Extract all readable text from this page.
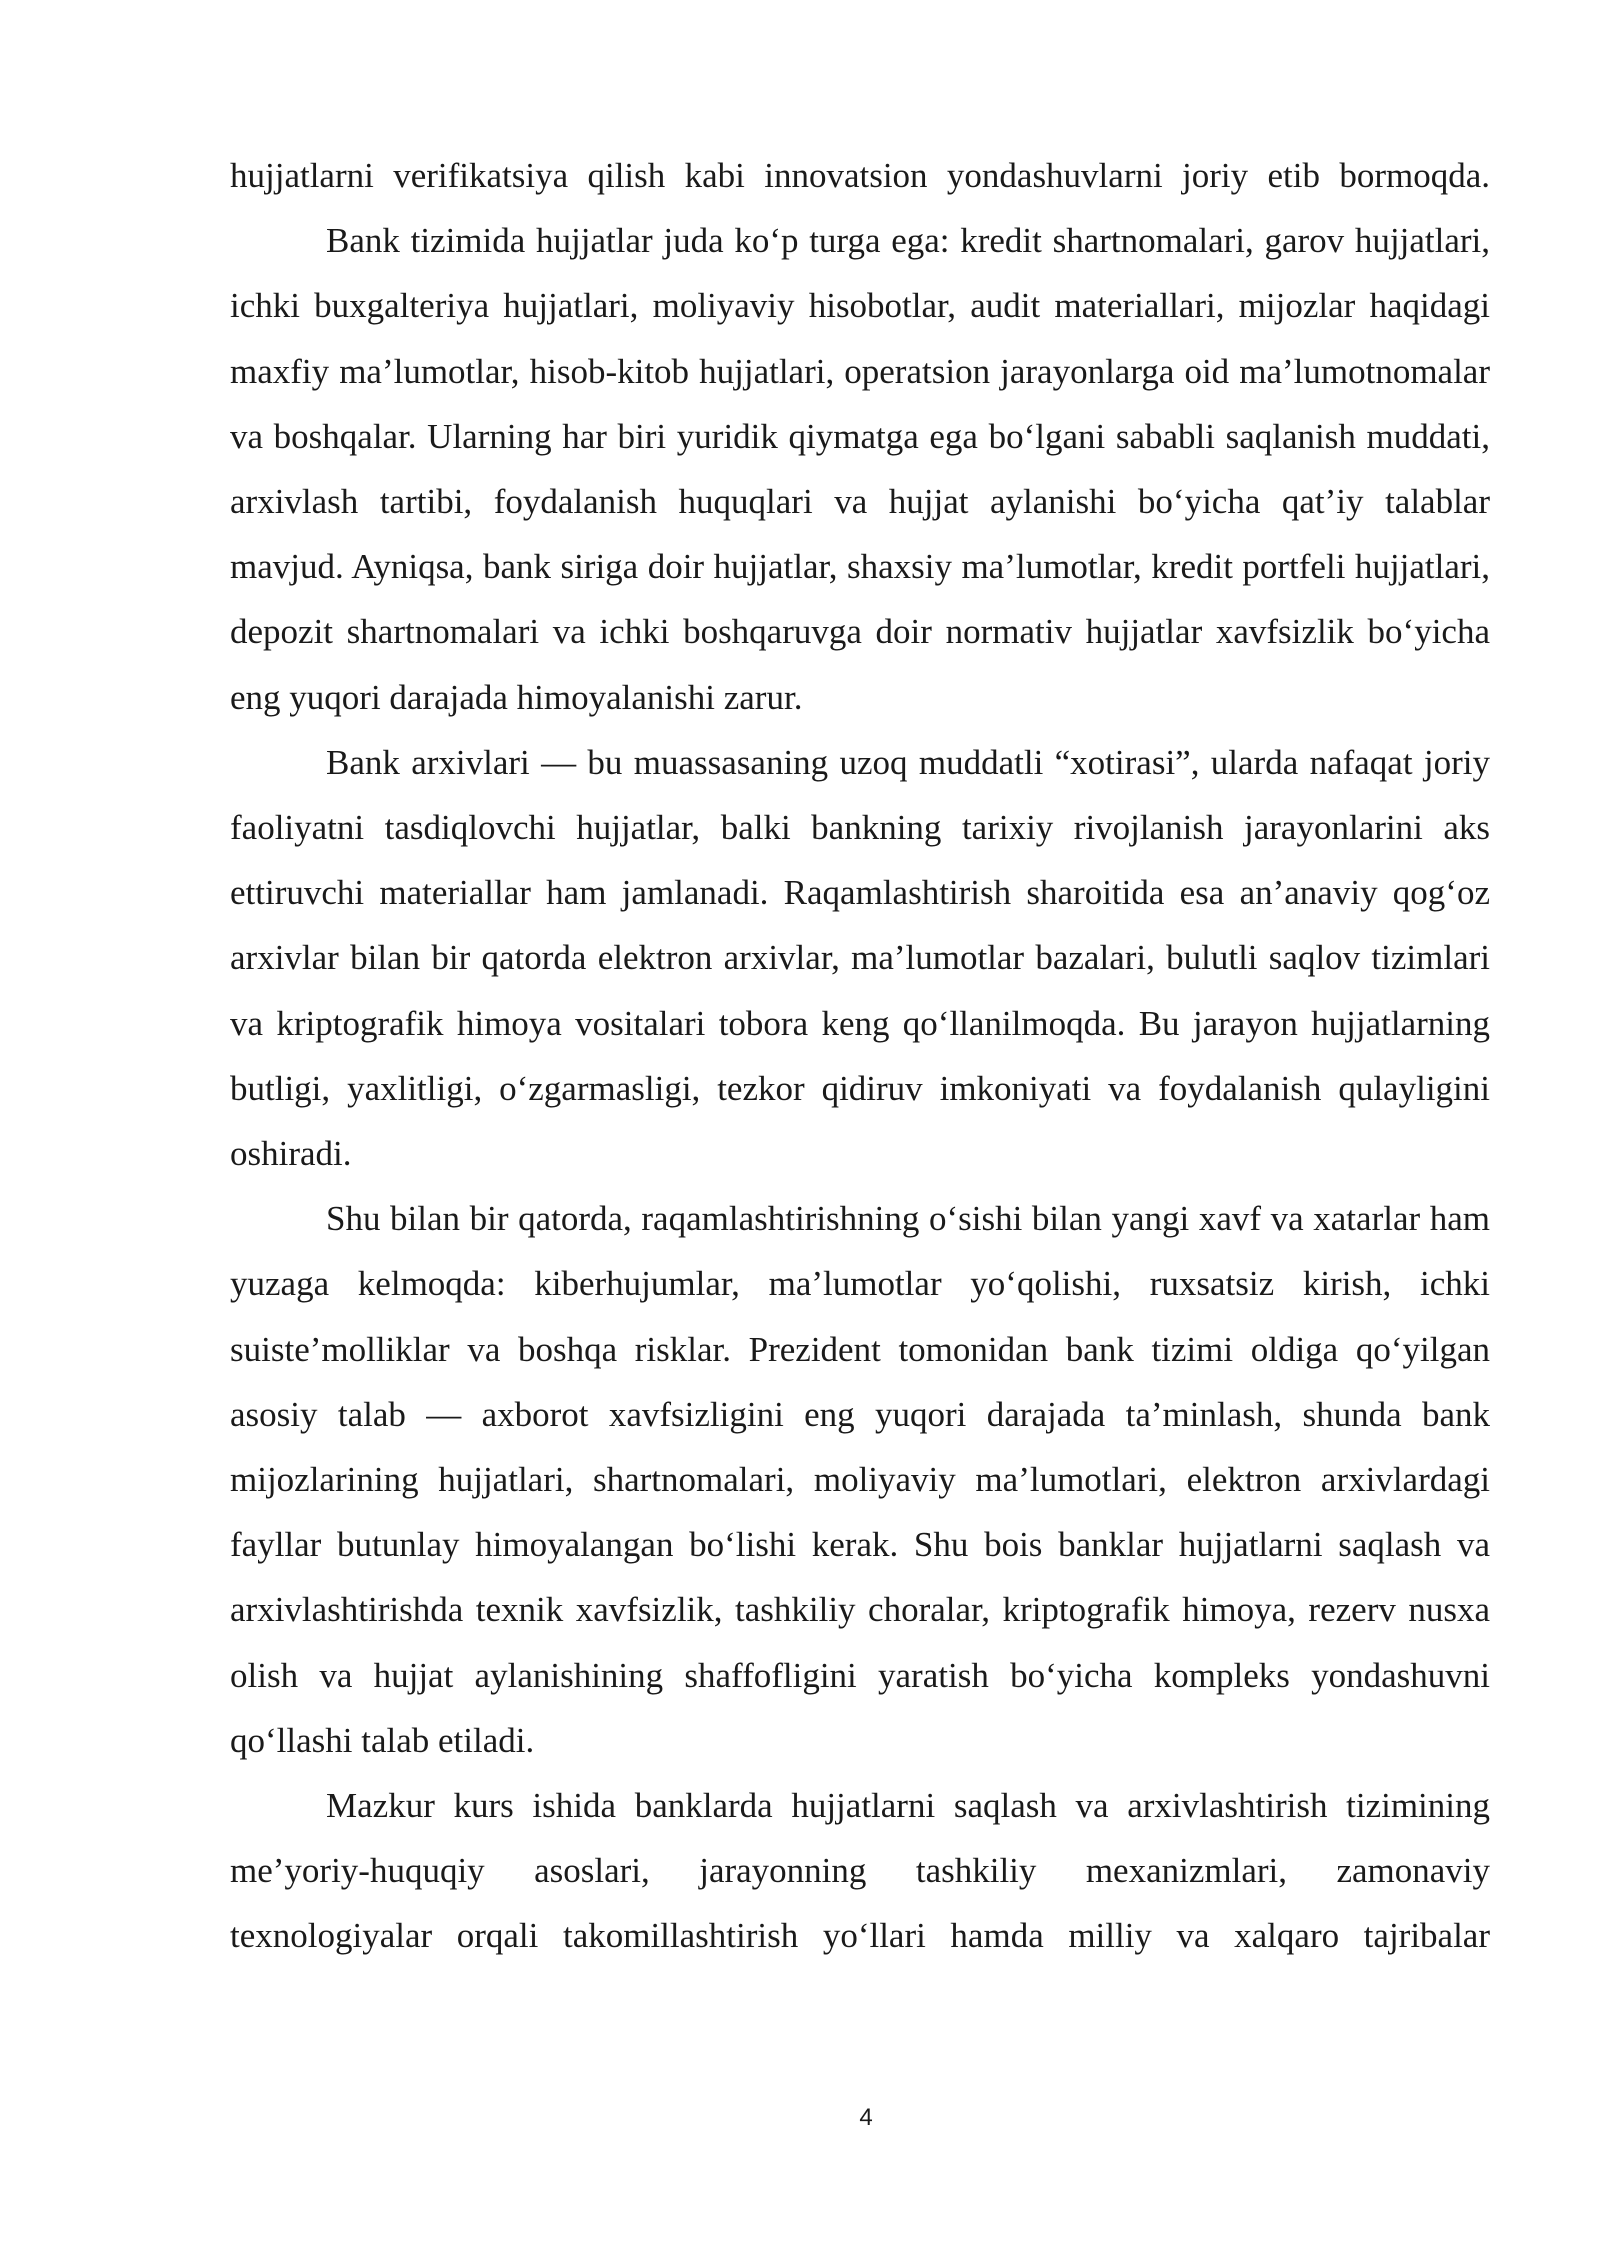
hujjatlarni verifikatsiya qilish kabi innovatsion yondashuvlarni joriy etib bormoqda.

Bank tizimida hujjatlar juda ko‘p turga ega: kredit shartnomalari, garov hujjatlari, ichki buxgalteriya hujjatlari, moliyaviy hisobotlar, audit materiallari, mijozlar haqidagi maxfiy ma’lumotlar, hisob-kitob hujjatlari, operatsion jarayonlarga oid ma’lumotnomalar va boshqalar. Ularning har biri yuridik qiymatga ega bo‘lgani sababli saqlanish muddati, arxivlash tartibi, foydalanish huquqlari va hujjat aylanishi bo‘yicha qat’iy talablar mavjud. Ayniqsa, bank siriga doir hujjatlar, shaxsiy ma’lumotlar, kredit portfeli hujjatlari, depozit shartnomalari va ichki boshqaruvga doir normativ hujjatlar xavfsizlik bo‘yicha eng yuqori darajada himoyalanishi zarur.

Bank arxivlari — bu muassasaning uzoq muddatli “xotirasi”, ularda nafaqat joriy faoliyatni tasdiqlovchi hujjatlar, balki bankning tarixiy rivojlanish jarayonlarini aks ettiruvchi materiallar ham jamlanadi. Raqamlashtirish sharoitida esa an’anaviy qog‘oz arxivlar bilan bir qatorda elektron arxivlar, ma’lumotlar bazalari, bulutli saqlov tizimlari va kriptografik himoya vositalari tobora keng qo‘llanilmoqda. Bu jarayon hujjatlarning butligi, yaxlitligi, o‘zgarmasligi, tezkor qidiruv imkoniyati va foydalanish qulayligini oshiradi.

Shu bilan bir qatorda, raqamlashtirishning o‘sishi bilan yangi xavf va xatarlar ham yuzaga kelmoqda: kiberhujumlar, ma’lumotlar yo‘qolishi, ruxsatsiz kirish, ichki suiste’molliklar va boshqa risklar. Prezident tomonidan bank tizimi oldiga qo‘yilgan asosiy talab — axborot xavfsizligini eng yuqori darajada ta’minlash, shunda bank mijozlarining hujjatlari, shartnomalari, moliyaviy ma’lumotlari, elektron arxivlardagi fayllar butunlay himoyalangan bo‘lishi kerak. Shu bois banklar hujjatlarni saqlash va arxivlashtirishda texnik xavfsizlik, tashkiliy choralar, kriptografik himoya, rezerv nusxa olish va hujjat aylanishining shaffofligini yaratish bo‘yicha kompleks yondashuvni qo‘llashi talab etiladi.

Mazkur kurs ishida banklarda hujjatlarni saqlash va arxivlashtirish tizimining me’yoriy-huquqiy asoslari, jarayonning tashkiliy mexanizmlari, zamonaviy texnologiyalar orqali takomillashtirish yo‘llari hamda milliy va xalqaro tajribalar

4
